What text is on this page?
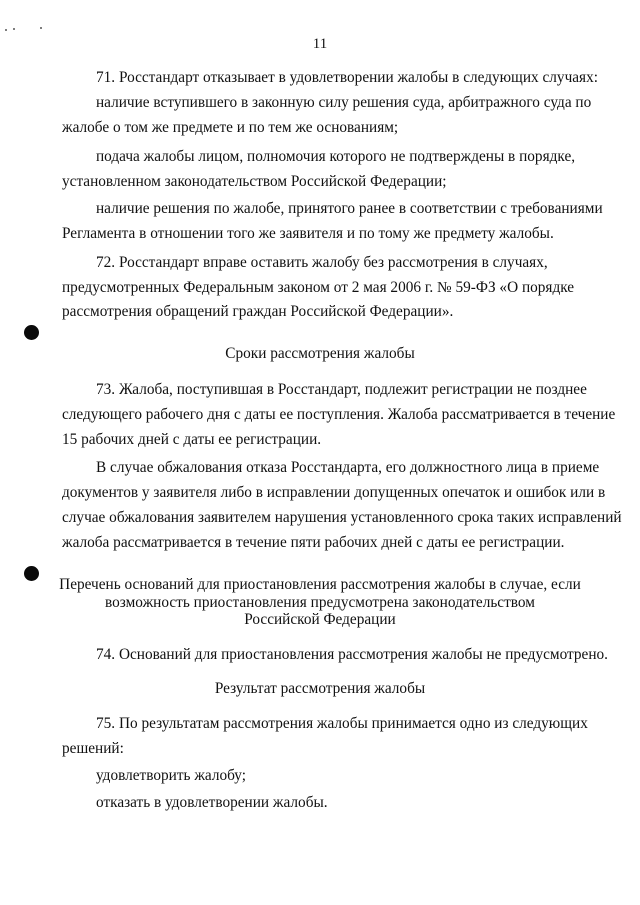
11
71. Росстандарт отказывает в удовлетворении жалобы в следующих случаях:
наличие вступившего в законную силу решения суда, арбитражного суда по
жалобе о том же предмете и по тем же основаниям;
подача жалобы лицом, полномочия которого не подтверждены в порядке,
установленном законодательством Российской Федерации;
наличие решения по жалобе, принятого ранее в соответствии с требованиями
Регламента в отношении того же заявителя и по тому же предмету жалобы.
72. Росстандарт вправе оставить жалобу без рассмотрения в случаях,
предусмотренных Федеральным законом от 2 мая 2006 г. № 59-ФЗ «О порядке
рассмотрения обращений граждан Российской Федерации».
Сроки рассмотрения жалобы
73. Жалоба, поступившая в Росстандарт, подлежит регистрации не позднее
следующего рабочего дня с даты ее поступления. Жалоба рассматривается в течение
15 рабочих дней с даты ее регистрации.
В случае обжалования отказа Росстандарта, его должностного лица в приеме
документов у заявителя либо в исправлении допущенных опечаток и ошибок или в
случае обжалования заявителем нарушения установленного срока таких исправлений
жалоба рассматривается в течение пяти рабочих дней с даты ее регистрации.
Перечень оснований для приостановления рассмотрения жалобы в случае, если
возможность приостановления предусмотрена законодательством
Российской Федерации
74. Оснований для приостановления рассмотрения жалобы не предусмотрено.
Результат рассмотрения жалобы
75. По результатам рассмотрения жалобы принимается одно из следующих
решений:
удовлетворить жалобу;
отказать в удовлетворении жалобы.
